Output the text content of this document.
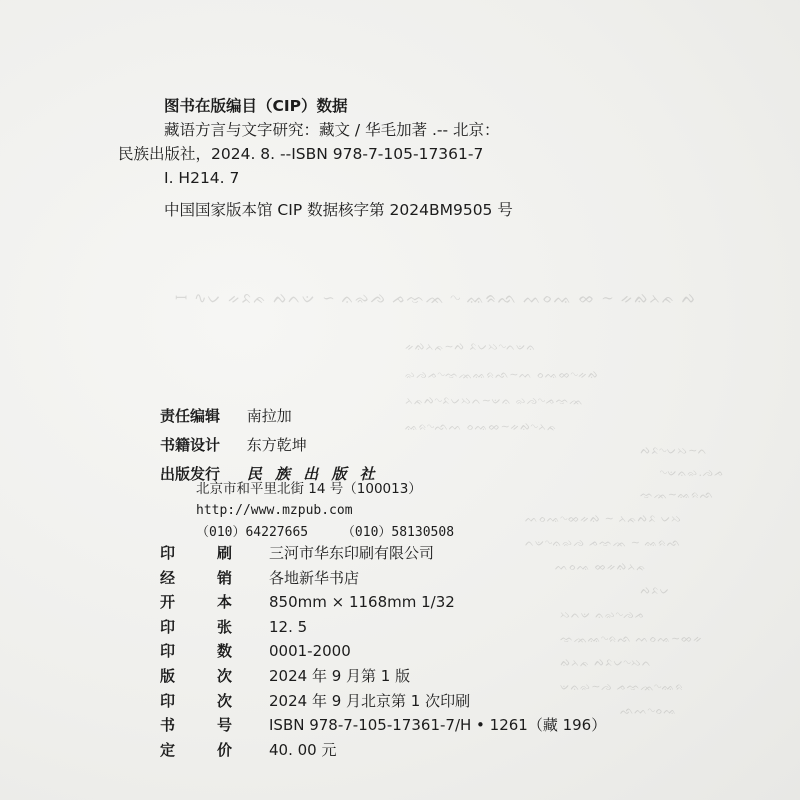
ꟷ ∿ᨆ ᨀᨅᨃ ᨄᨈᨉ ∽ ᨊᨋᨌ ᨍᨎᨏ ∿ ᨐᨑᨒ ᨓᨔᨕ ᨖ ∼ ᨀᨁᨂᨃ ᨄ
ᨀᨁᨂᨃ∼ᨄ ᨅᨆᨇ∿ᨈᨉᨊ
ᨋᨌᨍ∿ᨎᨏᨐᨑᨒ∼ᨓ ᨔᨕᨖ∿ᨀᨁ
ᨂᨃᨄ∿ᨅᨆᨇᨈ∼ᨉᨊ ᨋᨌ∿ᨍᨎᨏ
ᨐᨑ∿ᨒᨓ ᨔᨕᨖ∼ᨀᨁ∿ᨂᨃ
ᨄᨅ∿ᨆᨇ∼ᨈ
∿ᨉᨊᨋ.ᨌᨍ
ᨎᨏ∼ᨐᨑᨒ
ᨓᨔᨕ∿ᨖᨀᨁ ∼ ᨂᨃᨄᨅ ᨆᨇ
ᨈᨉ∿ᨊᨋᨌ ᨍᨎᨏ ∼ ᨐᨑᨒ
ᨓᨔᨕ ᨖᨀᨁᨂᨃ
ᨄᨅᨆ
ᨇᨈᨉ ᨊᨋ∿ᨌᨍ
ᨎᨏᨐ∿ᨑᨒ ᨓᨔᨕ∼ᨖᨀ
ᨁᨂᨃ ᨄᨅᨆ∿ᨇᨈ
ᨉᨊᨋ∼ᨌ ᨍᨎᨏ∿ᨐᨑ
ᨒᨓ∿ᨔᨕ
图书在版编目（CIP）数据
藏语方言与文字研究：藏文 / 华毛加著 .-- 北京：
民族出版社，2024. 8. --ISBN 978-7-105-17361-7
Ⅰ. H214. 7
中国国家版本馆 CIP 数据核字第 2024BM9505 号
责任编辑 南拉加
书籍设计 东方乾坤
出版发行 民 族 出 版 社
北京市和平里北街 14 号（100013）
http://www.mzpub.com
（010）64227665	（010）58130508
印	刷 三河市华东印刷有限公司
经	销 各地新华书店
开	本 850mm × 1168mm 1/32
印	张 12. 5
印	数 0001-2000
版	次 2024 年 9 月第 1 版
印	次 2024 年 9 月北京第 1 次印刷
书	号 ISBN 978-7-105-17361-7/H • 1261（藏 196）
定	价 40. 00 元
